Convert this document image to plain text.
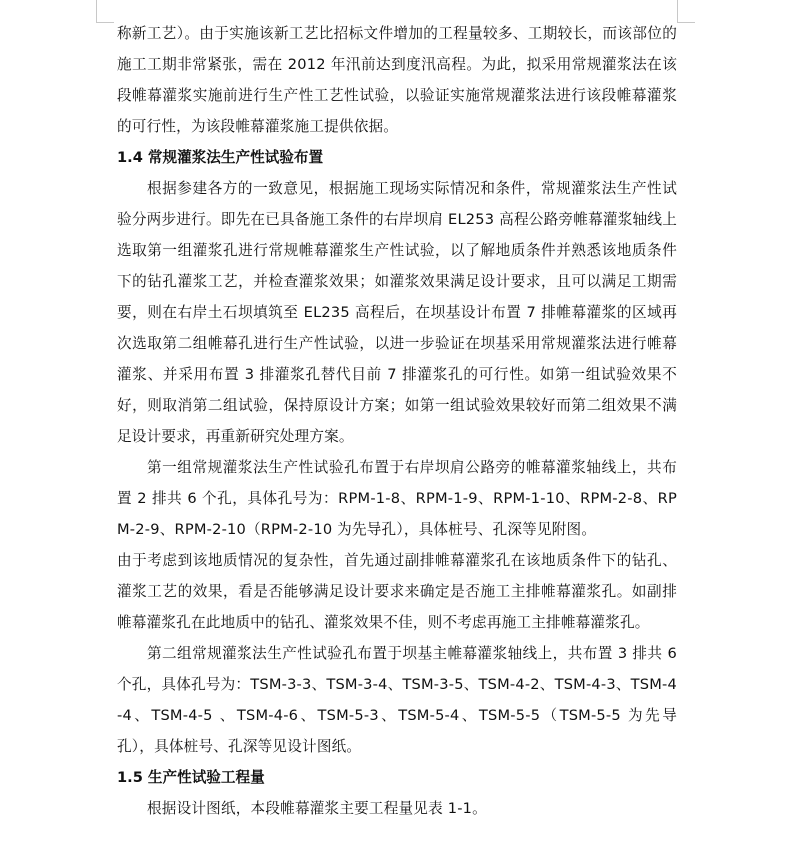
称新工艺）。由于实施该新工艺比招标文件增加的工程量较多、工期较长，而该部位的施工工期非常紧张，需在 2012 年汛前达到度汛高程。为此，拟采用常规灌浆法在该段帷幕灌浆实施前进行生产性工艺性试验，以验证实施常规灌浆法进行该段帷幕灌浆的可行性，为该段帷幕灌浆施工提供依据。

1.4 常规灌浆法生产性试验布置

根据参建各方的一致意见，根据施工现场实际情况和条件，常规灌浆法生产性试验分两步进行。即先在已具备施工条件的右岸坝肩 EL253 高程公路旁帷幕灌浆轴线上选取第一组灌浆孔进行常规帷幕灌浆生产性试验，以了解地质条件并熟悉该地质条件下的钻孔灌浆工艺，并检查灌浆效果；如灌浆效果满足设计要求，且可以满足工期需要，则在右岸土石坝填筑至 EL235 高程后，在坝基设计布置 7 排帷幕灌浆的区域再次选取第二组帷幕孔进行生产性试验，以进一步验证在坝基采用常规灌浆法进行帷幕灌浆、并采用布置 3 排灌浆孔替代目前 7 排灌浆孔的可行性。如第一组试验效果不好，则取消第二组试验，保持原设计方案；如第一组试验效果较好而第二组效果不满足设计要求，再重新研究处理方案。

第一组常规灌浆法生产性试验孔布置于右岸坝肩公路旁的帷幕灌浆轴线上，共布置 2 排共 6 个孔，具体孔号为：RPM-1-8、RPM-1-9、RPM-1-10、RPM-2-8、RPM-2-9、RPM-2-10（RPM-2-10 为先导孔），具体桩号、孔深等见附图。

由于考虑到该地质情况的复杂性，首先通过副排帷幕灌浆孔在该地质条件下的钻孔、灌浆工艺的效果，看是否能够满足设计要求来确定是否施工主排帷幕灌浆孔。如副排帷幕灌浆孔在此地质中的钻孔、灌浆效果不佳，则不考虑再施工主排帷幕灌浆孔。

第二组常规灌浆法生产性试验孔布置于坝基主帷幕灌浆轴线上，共布置 3 排共 6 个孔，具体孔号为：TSM-3-3、TSM-3-4、TSM-3-5、TSM-4-2、TSM-4-3、TSM-4-4、TSM-4-5 、TSM-4-6、TSM-5-3、TSM-5-4、TSM-5-5（TSM-5-5 为先导孔），具体桩号、孔深等见设计图纸。

1.5 生产性试验工程量

根据设计图纸，本段帷幕灌浆主要工程量见表 1-1。
